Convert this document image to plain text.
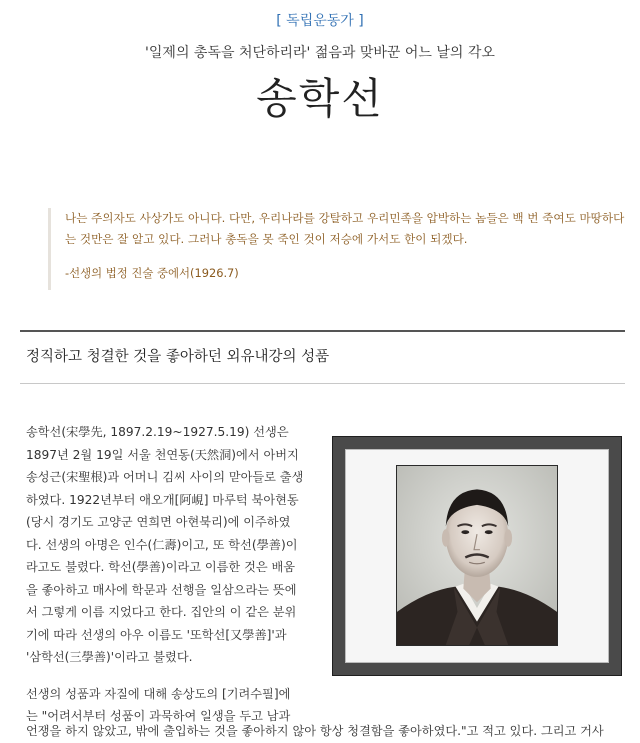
[ 독립운동가 ]
'일제의 총독을 처단하리라' 젊음과 맞바꾼 어느 날의 각오
송학선
나는 주의자도 사상가도 아니다. 다만, 우리나라를 강탈하고 우리민족을 압박하는 놈들은 백 번 죽여도 마땅하다
는 것만은 잘 알고 있다. 그러나 총독을 못 죽인 것이 저승에 가서도 한이 되겠다.
-선생의 법정 진술 중에서(1926.7)
정직하고 청결한 것을 좋아하던 외유내강의 성품

송학선(宋學先, 1897.2.19~1927.5.19) 선생은
1897년 2월 19일 서울 천연동(天然洞)에서 아버지
송성근(宋聖根)과 어머니 김씨 사이의 맏아들로 출생
하였다. 1922년부터 애오개[阿峴] 마루턱 북아현동
(당시 경기도 고양군 연희면 아현북리)에 이주하였
다. 선생의 아명은 인수(仁壽)이고, 또 학선(學善)이
라고도 불렸다. 학선(學善)이라고 이름한 것은 배움
을 좋아하고 매사에 학문과 선행을 일삼으라는 뜻에
서 그렇게 이름 지었다고 한다. 집안의 이 같은 분위
기에 따라 선생의 아우 이름도 '또학선[又學善]'과
'삼학선(三學善)'이라고 불렸다.

선생의 성품과 자질에 대해 송상도의 [기려수필]에
는 "어려서부터 성품이 과묵하여 일생을 두고 남과

언쟁을 하지 않았고, 밖에 출입하는 것을 좋아하지 않아 항상 청결함을 좋아하였다."고 적고 있다. 그리고 거사
